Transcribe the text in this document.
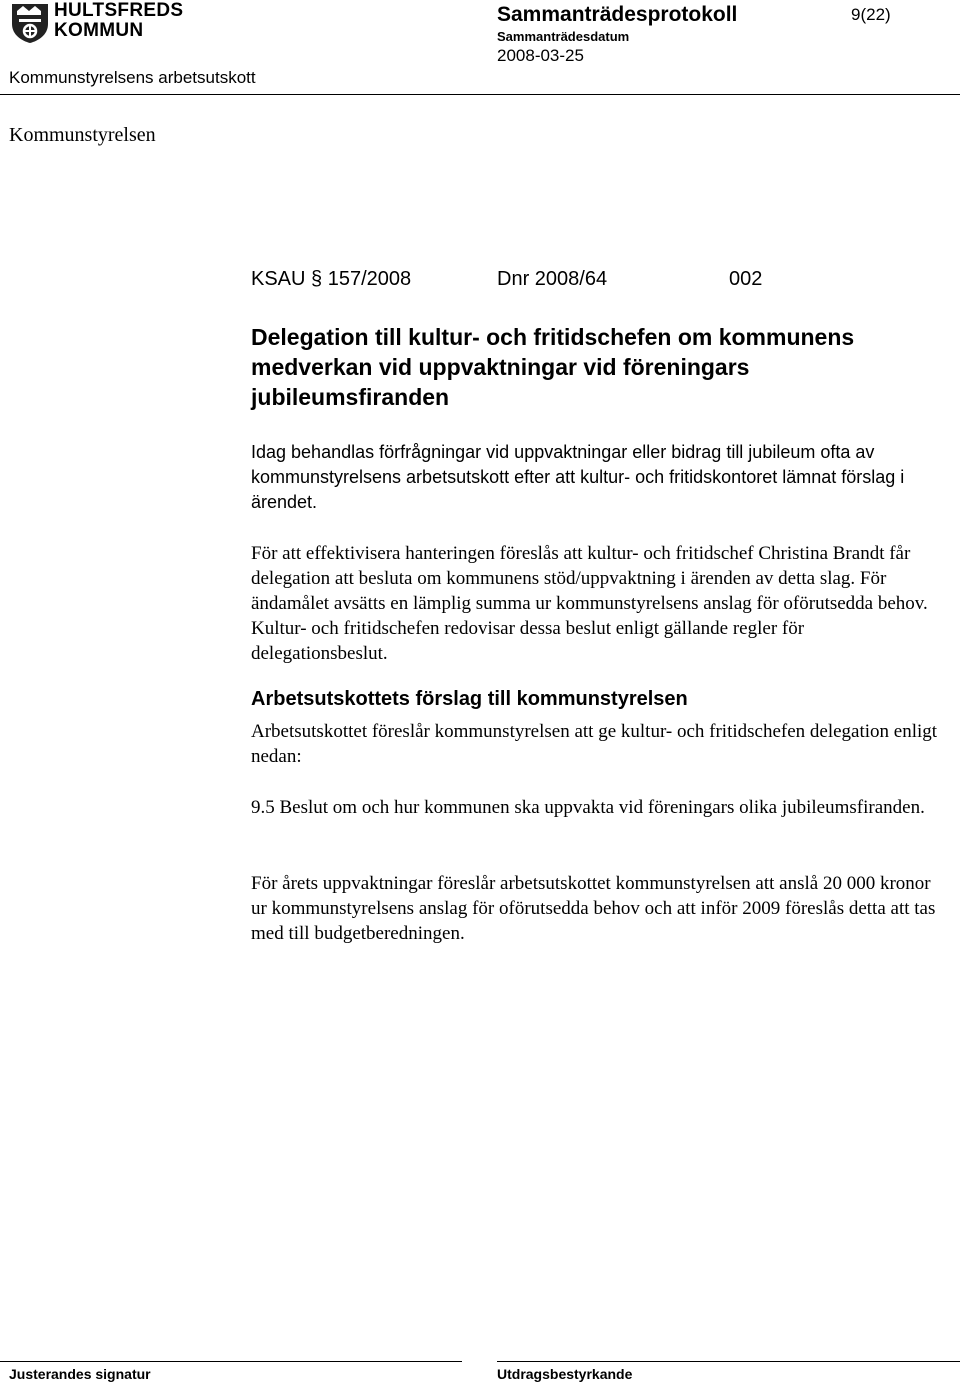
HULTSFREDS
KOMMUN
Sammanträdesprotokoll	9(22)
Sammanträdesdatum
2008-03-25
Kommunstyrelsens arbetsutskott
Kommunstyrelsen
KSAU § 157/2008	Dnr 2008/64	002
Delegation till kultur- och fritidschefen om kommunens medverkan vid uppvaktningar vid föreningars jubileumsfiranden
Idag behandlas förfrågningar vid uppvaktningar eller bidrag till jubileum ofta av kommunstyrelsens arbetsutskott efter att kultur- och fritidskontoret lämnat förslag i ärendet.
För att effektivisera hanteringen föreslås att kultur- och fritidschef Christina Brandt får delegation att besluta om kommunens stöd/uppvaktning i ärenden av detta slag. För ändamålet avsätts en lämplig summa ur kommunstyrelsens anslag för oförutsedda behov. Kultur- och fritidschefen redovisar dessa beslut enligt gällande regler för delegationsbeslut.
Arbetsutskottets förslag till kommunstyrelsen
Arbetsutskottet föreslår kommunstyrelsen att ge kultur- och fritidschefen delegation enligt nedan:
9.5 Beslut om och hur kommunen ska uppvakta vid föreningars olika jubileumsfiranden.
För årets uppvaktningar föreslår arbetsutskottet kommunstyrelsen att anslå 20 000 kronor ur kommunstyrelsens anslag för oförutsedda behov och att inför 2009 föreslås detta att tas med till budgetberedningen.
Justerandes signatur	Utdragsbestyrkande
